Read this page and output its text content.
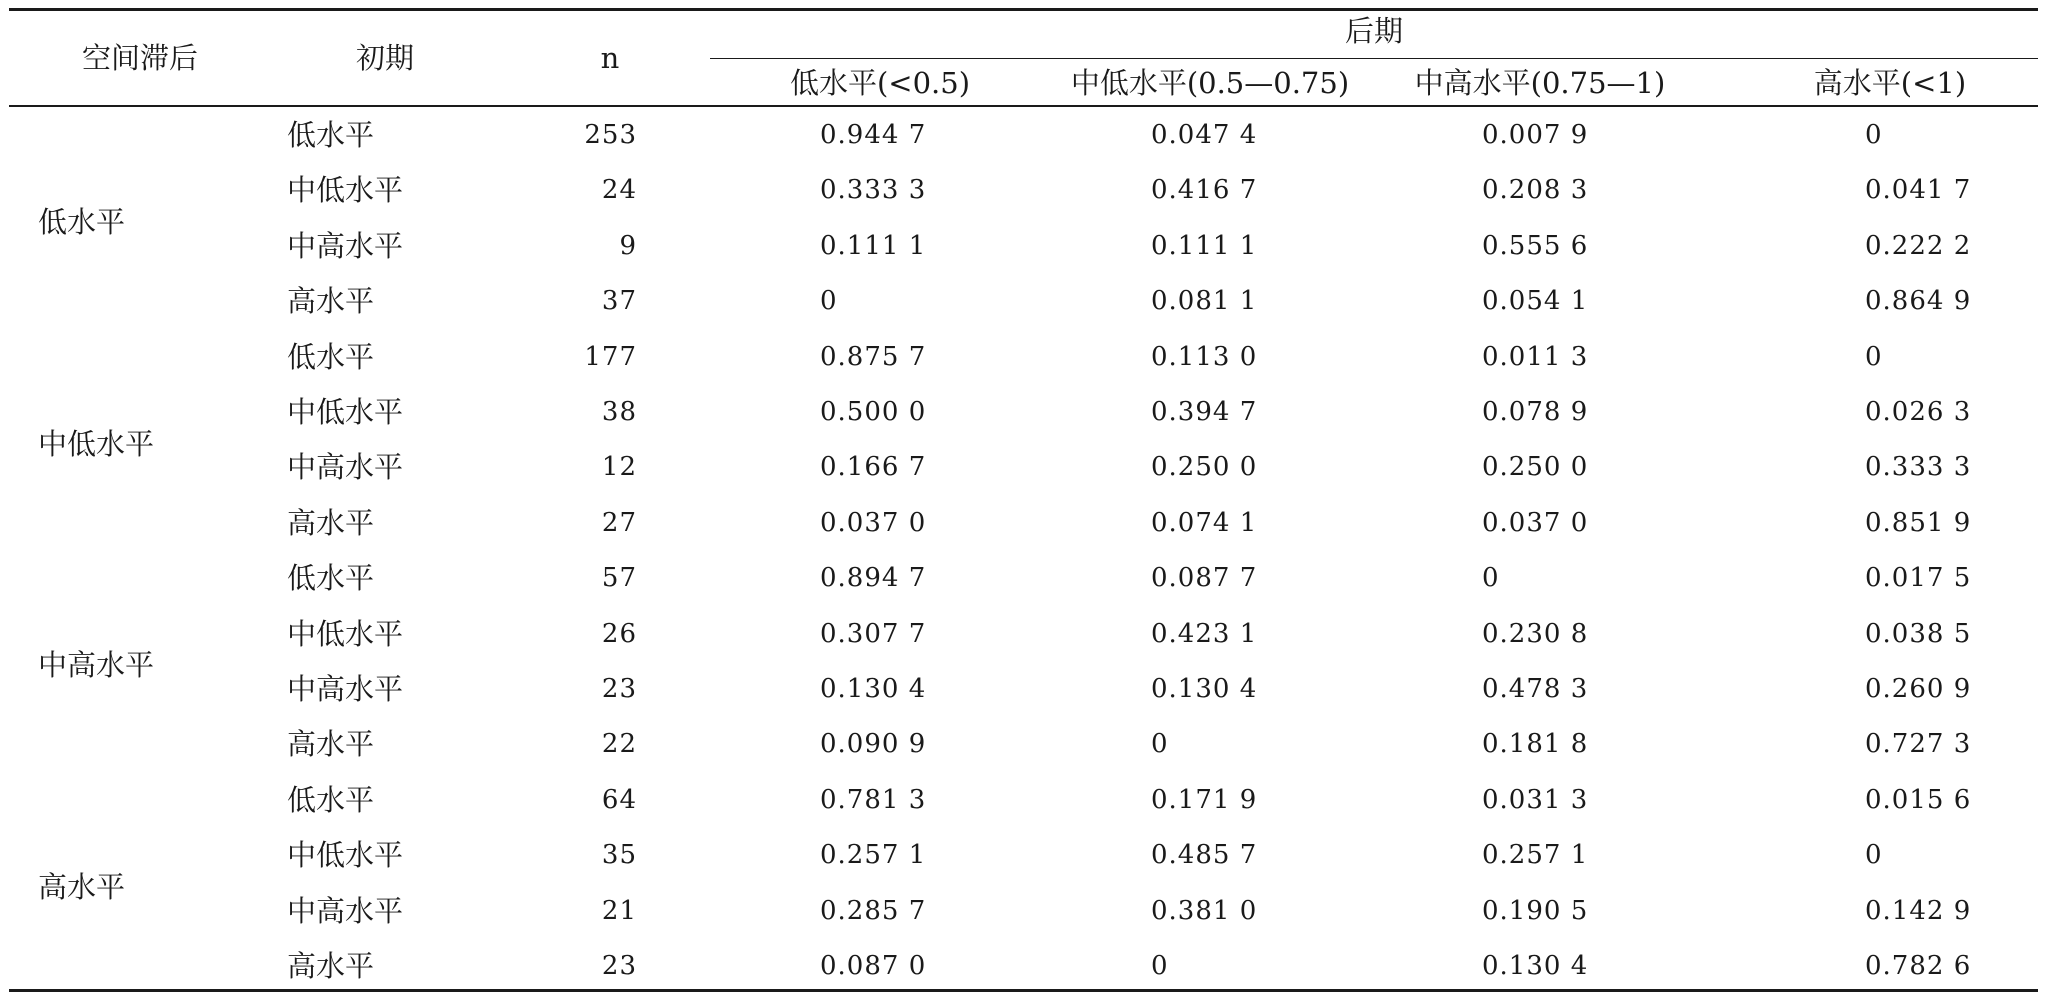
空间滞后	初期	n
后期
低水平(<0.5)	中低水平(0.5—0.75)	中高水平(0.75—1)	高水平(<1)
低水平
低水平	253	0.944 7	0.047 4	0.007 9	0
中低水平	24	0.333 3	0.416 7	0.208 3	0.041 7
中高水平	9	0.111 1	0.111 1	0.555 6	0.222 2
高水平	37	0	0.081 1	0.054 1	0.864 9
中低水平
低水平	177	0.875 7	0.113 0	0.011 3	0
中低水平	38	0.500 0	0.394 7	0.078 9	0.026 3
中高水平	12	0.166 7	0.250 0	0.250 0	0.333 3
高水平	27	0.037 0	0.074 1	0.037 0	0.851 9
中高水平
低水平	57	0.894 7	0.087 7	0	0.017 5
中低水平	26	0.307 7	0.423 1	0.230 8	0.038 5
中高水平	23	0.130 4	0.130 4	0.478 3	0.260 9
高水平	22	0.090 9	0	0.181 8	0.727 3
高水平
低水平	64	0.781 3	0.171 9	0.031 3	0.015 6
中低水平	35	0.257 1	0.485 7	0.257 1	0
中高水平	21	0.285 7	0.381 0	0.190 5	0.142 9
高水平	23	0.087 0	0	0.130 4	0.782 6
